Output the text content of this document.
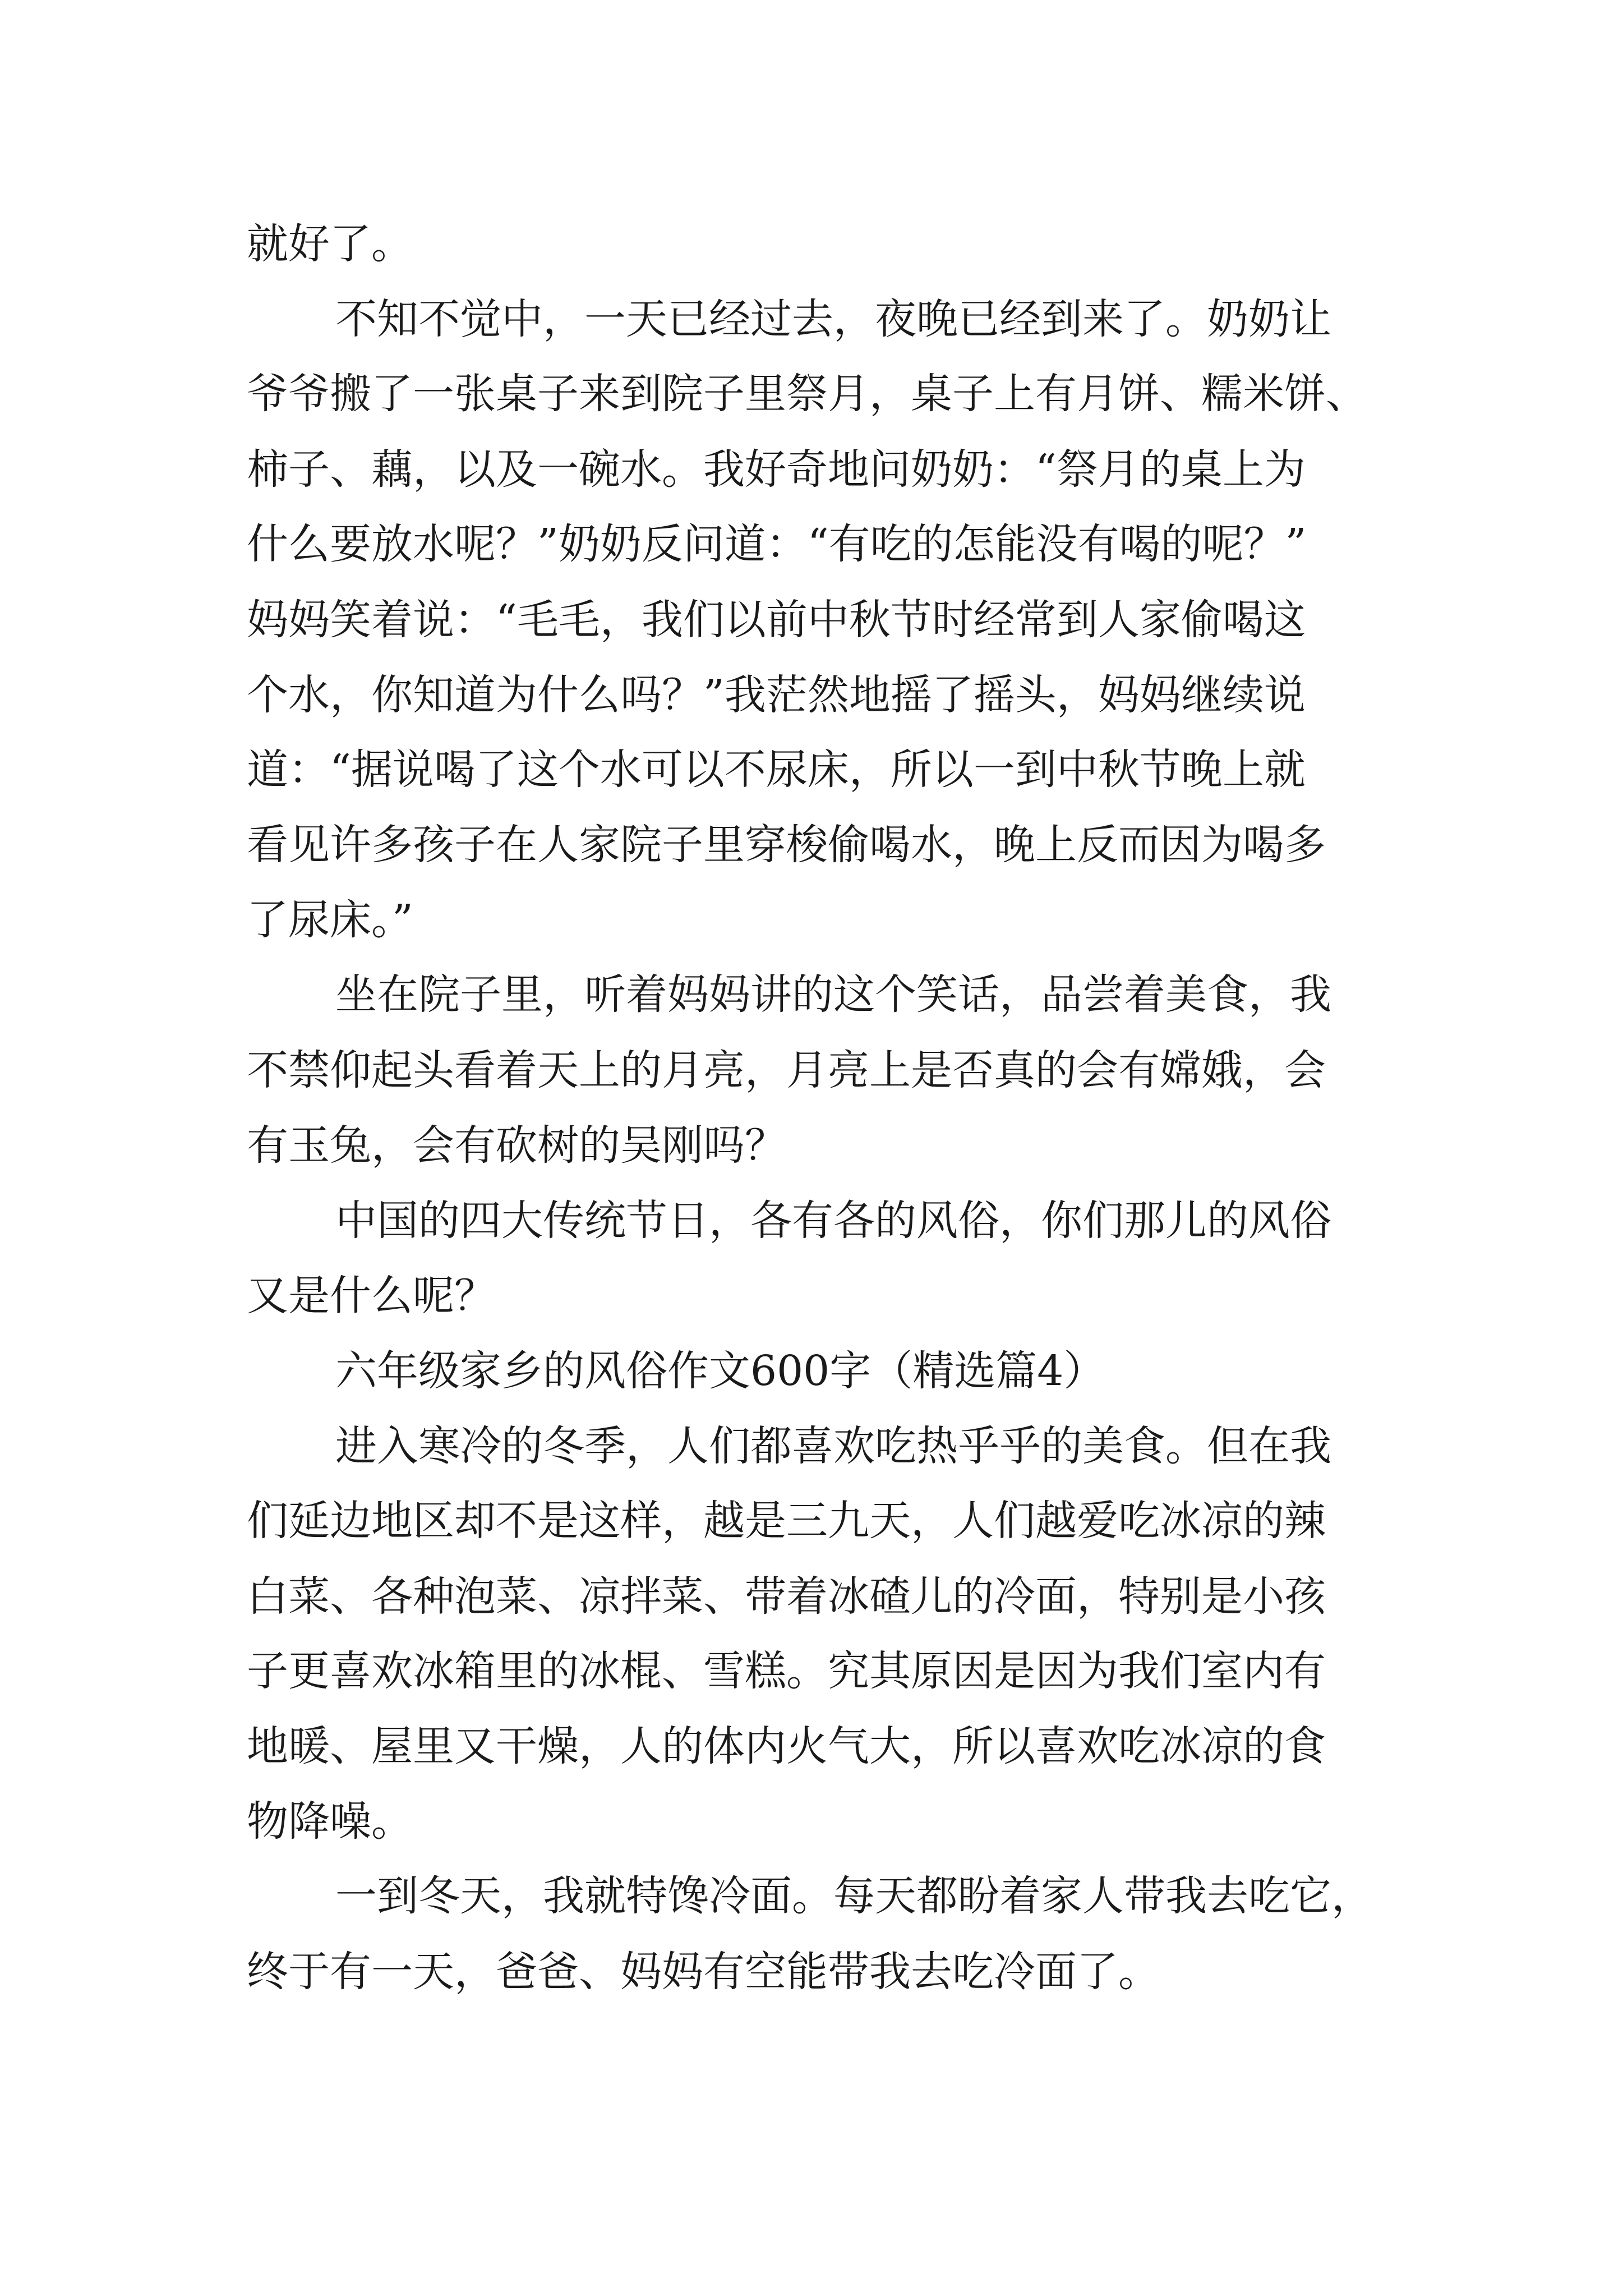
就好了。

不知不觉中，一天已经过去，夜晚已经到来了。奶奶让

爷爷搬了一张桌子来到院子里祭月，桌子上有月饼、糯米饼、

柿子、藕，以及一碗水。我好奇地问奶奶：“祭月的桌上为

什么要放水呢？”奶奶反问道：“有吃的怎能没有喝的呢？”

妈妈笑着说：“毛毛，我们以前中秋节时经常到人家偷喝这

个水，你知道为什么吗？”我茫然地摇了摇头，妈妈继续说

道：“据说喝了这个水可以不尿床，所以一到中秋节晚上就

看见许多孩子在人家院子里穿梭偷喝水，晚上反而因为喝多

了尿床。”

坐在院子里，听着妈妈讲的这个笑话，品尝着美食，我

不禁仰起头看着天上的月亮，月亮上是否真的会有嫦娥，会

有玉兔，会有砍树的吴刚吗？

中国的四大传统节日，各有各的风俗，你们那儿的风俗

又是什么呢？

六年级家乡的风俗作文600字（精选篇4）

进入寒冷的冬季，人们都喜欢吃热乎乎的美食。但在我

们延边地区却不是这样，越是三九天，人们越爱吃冰凉的辣

白菜、各种泡菜、凉拌菜、带着冰碴儿的冷面，特别是小孩

子更喜欢冰箱里的冰棍、雪糕。究其原因是因为我们室内有

地暖、屋里又干燥，人的体内火气大，所以喜欢吃冰凉的食

物降噪。

一到冬天，我就特馋冷面。每天都盼着家人带我去吃它，

终于有一天，爸爸、妈妈有空能带我去吃冷面了。
